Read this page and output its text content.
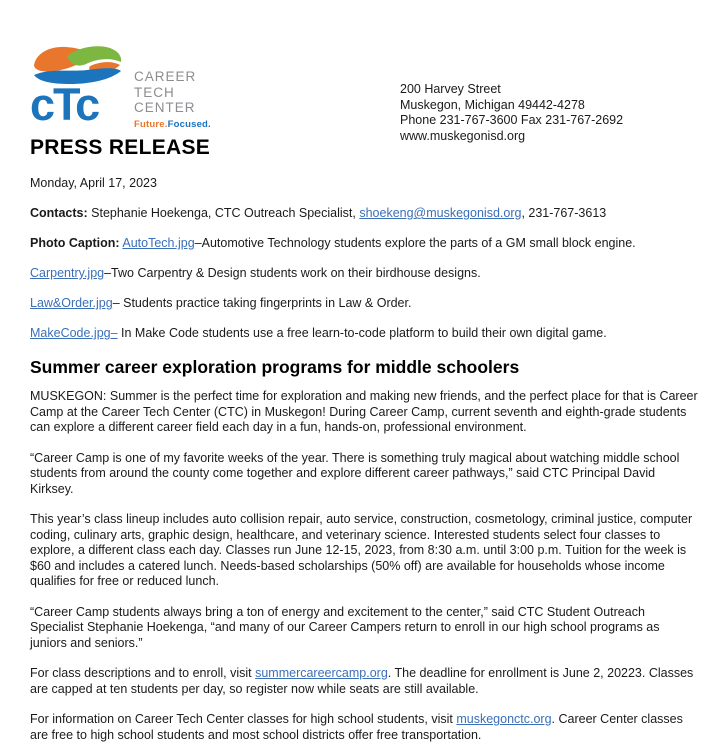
cTc
CAREER
TECH
CENTER
Future.Focused.
200 Harvey Street
Muskegon, Michigan 49442-4278
Phone 231-767-3600 Fax 231-767-2692
www.muskegonisd.org
PRESS RELEASE

Monday, April 17, 2023

Contacts: Stephanie Hoekenga, CTC Outreach Specialist, shoekeng@muskegonisd.org, 231-767-3613

Photo Caption: AutoTech.jpg–Automotive Technology students explore the parts of a GM small block engine.

Carpentry.jpg–Two Carpentry & Design students work on their birdhouse designs.

Law&Order.jpg– Students practice taking fingerprints in Law & Order.

MakeCode.jpg– In Make Code students use a free learn-to-code platform to build their own digital game.

Summer career exploration programs for middle schoolers

MUSKEGON: Summer is the perfect time for exploration and making new friends, and the perfect place for that is Career Camp at the Career Tech Center (CTC) in Muskegon! During Career Camp, current seventh and eighth-grade students can explore a different career field each day in a fun, hands-on, professional environment.

“Career Camp is one of my favorite weeks of the year. There is something truly magical about watching middle school students from around the county come together and explore different career pathways,” said CTC Principal David Kirksey.

This year’s class lineup includes auto collision repair, auto service, construction, cosmetology, criminal justice, computer coding, culinary arts, graphic design, healthcare, and veterinary science. Interested students select four classes to explore, a different class each day. Classes run June 12-15, 2023, from 8:30 a.m. until 3:00 p.m. Tuition for the week is $60 and includes a catered lunch. Needs-based scholarships (50% off) are available for households whose income qualifies for free or reduced lunch.

“Career Camp students always bring a ton of energy and excitement to the center,” said CTC Student Outreach Specialist Stephanie Hoekenga, “and many of our Career Campers return to enroll in our high school programs as juniors and seniors.”

For class descriptions and to enroll, visit summercareercamp.org. The deadline for enrollment is June 2, 20223. Classes are capped at ten students per day, so register now while seats are still available.

For information on Career Tech Center classes for high school students, visit muskegonctc.org. Career Center classes are free to high school students and most school districts offer free transportation.
